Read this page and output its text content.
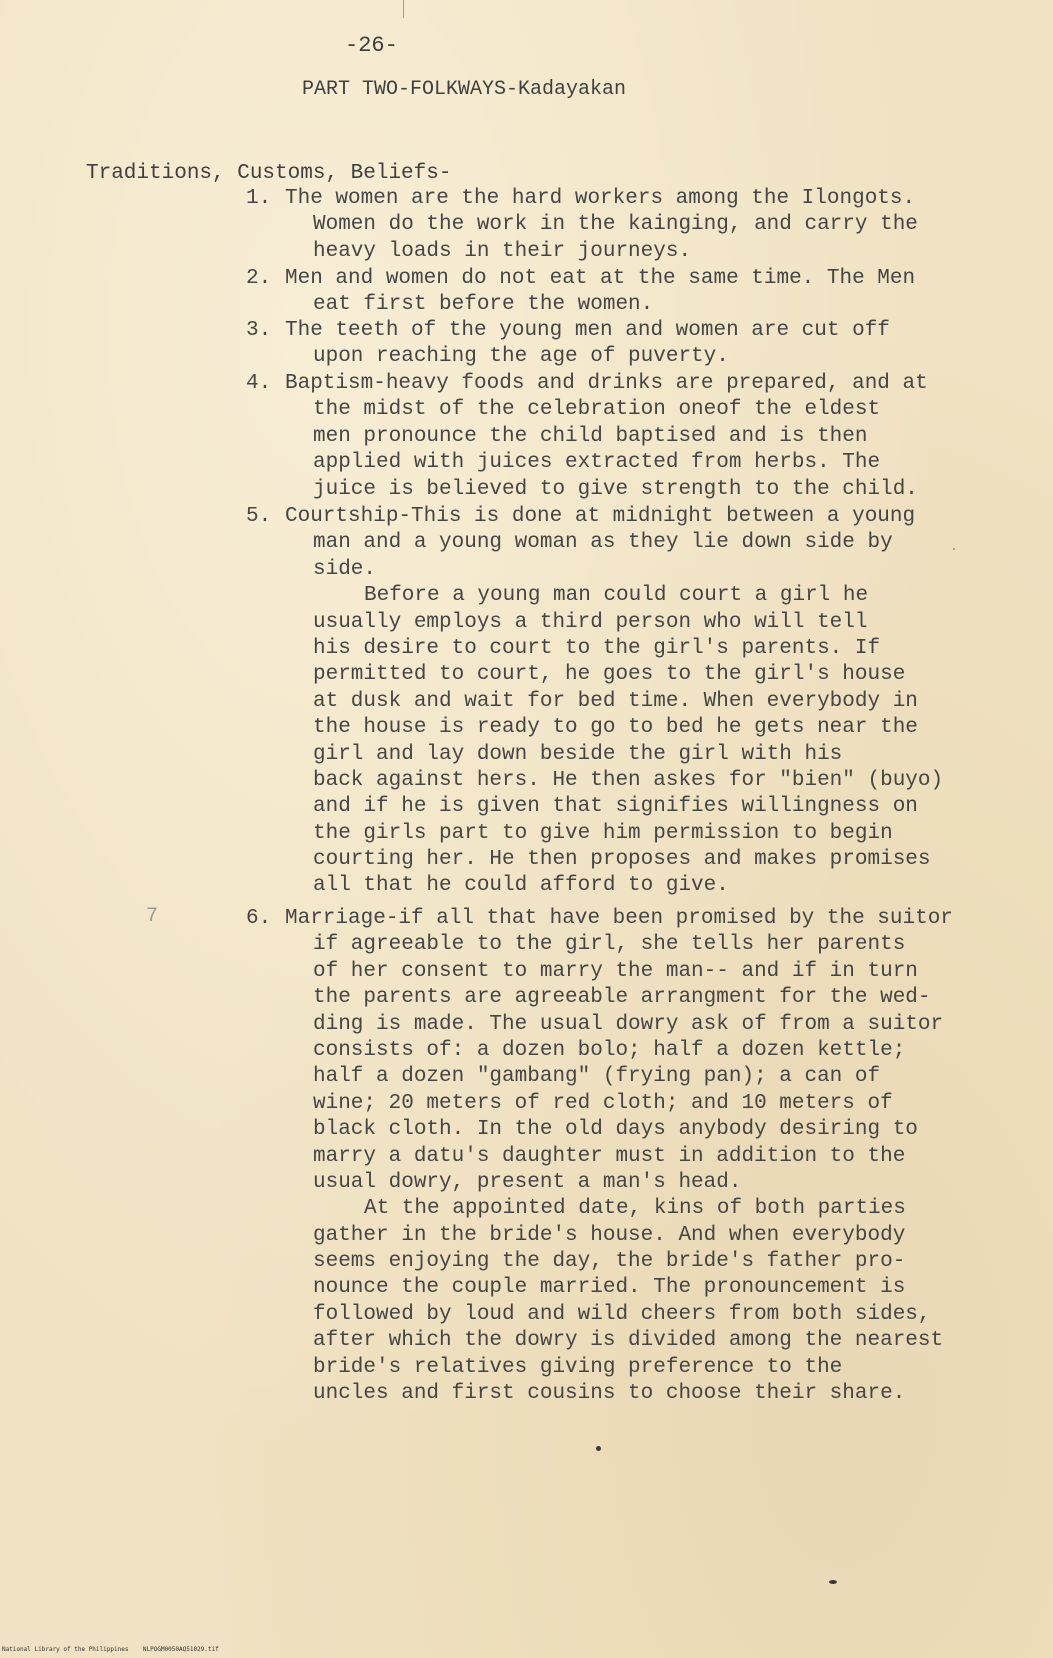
-26-
PART TWO-FOLKWAYS-Kadayakan
Traditions, Customs, Beliefs-
7
1. The women are the hard workers among the Ilongots.
Women do the work in the kainging, and carry the
heavy loads in their journeys.
2. Men and women do not eat at the same time. The Men
eat first before the women.
3. The teeth of the young men and women are cut off
upon reaching the age of puverty.
4. Baptism-heavy foods and drinks are prepared, and at
the midst of the celebration oneof the eldest
men pronounce the child baptised and is then
applied with juices extracted from herbs. The
juice is believed to give strength to the child.
5. Courtship-This is done at midnight between a young
man and a young woman as they lie down side by
side.
Before a young man could court a girl he
usually employs a third person who will tell
his desire to court to the girl's parents. If
permitted to court, he goes to the girl's house
at dusk and wait for bed time. When everybody in
the house is ready to go to bed he gets near the
girl and lay down beside the girl with his
back against hers. He then askes for "bien" (buyo)
and if he is given that signifies willingness on
the girls part to give him permission to begin
courting her. He then proposes and makes promises
all that he could afford to give.
6. Marriage-if all that have been promised by the suitor
if agreeable to the girl, she tells her parents
of her consent to marry the man-- and if in turn
the parents are agreeable arrangment for the wed-
ding is made. The usual dowry ask of from a suitor
consists of: a dozen bolo; half a dozen kettle;
half a dozen "gambang" (frying pan); a can of
wine; 20 meters of red cloth; and 10 meters of
black cloth. In the old days anybody desiring to
marry a datu's daughter must in addition to the
usual dowry, present a man's head.
At the appointed date, kins of both parties
gather in the bride's house. And when everybody
seems enjoying the day, the bride's father pro-
nounce the couple married. The pronouncement is
followed by loud and wild cheers from both sides,
after which the dowry is divided among the nearest
bride's relatives giving preference to the
uncles and first cousins to choose their share.
National Library of the Philippines    NLPOGM0050AQ51029.tif
